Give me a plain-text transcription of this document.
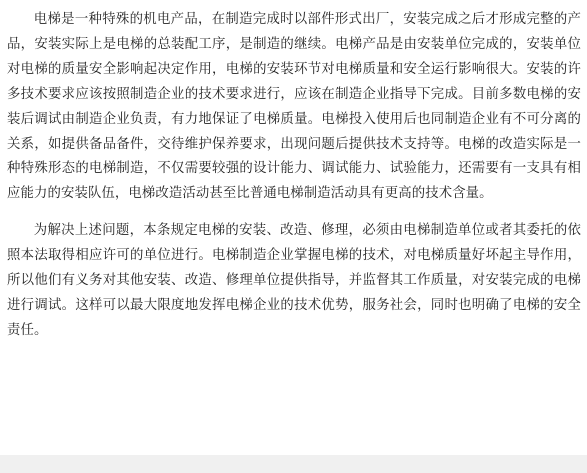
电梯是一种特殊的机电产品，在制造完成时以部件形式出厂，安装完成之后才形成完整的产品，安装实际上是电梯的总装配工序，是制造的继续。电梯产品是由安装单位完成的，安装单位对电梯的质量安全影响起决定作用，电梯的安装环节对电梯质量和安全运行影响很大。安装的许多技术要求应该按照制造企业的技术要求进行，应该在制造企业指导下完成。目前多数电梯的安装后调试由制造企业负责，有力地保证了电梯质量。电梯投入使用后也同制造企业有不可分离的关系，如提供备品备件，交待维护保养要求，出现问题后提供技术支持等。电梯的改造实际是一种特殊形态的电梯制造，不仅需要较强的设计能力、调试能力、试验能力，还需要有一支具有相应能力的安装队伍，电梯改造活动甚至比普通电梯制造活动具有更高的技术含量。

为解决上述问题，本条规定电梯的安装、改造、修理，必须由电梯制造单位或者其委托的依照本法取得相应许可的单位进行。电梯制造企业掌握电梯的技术，对电梯质量好坏起主导作用，所以他们有义务对其他安装、改造、修理单位提供指导，并监督其工作质量，对安装完成的电梯进行调试。这样可以最大限度地发挥电梯企业的技术优势，服务社会，同时也明确了电梯的安全责任。
